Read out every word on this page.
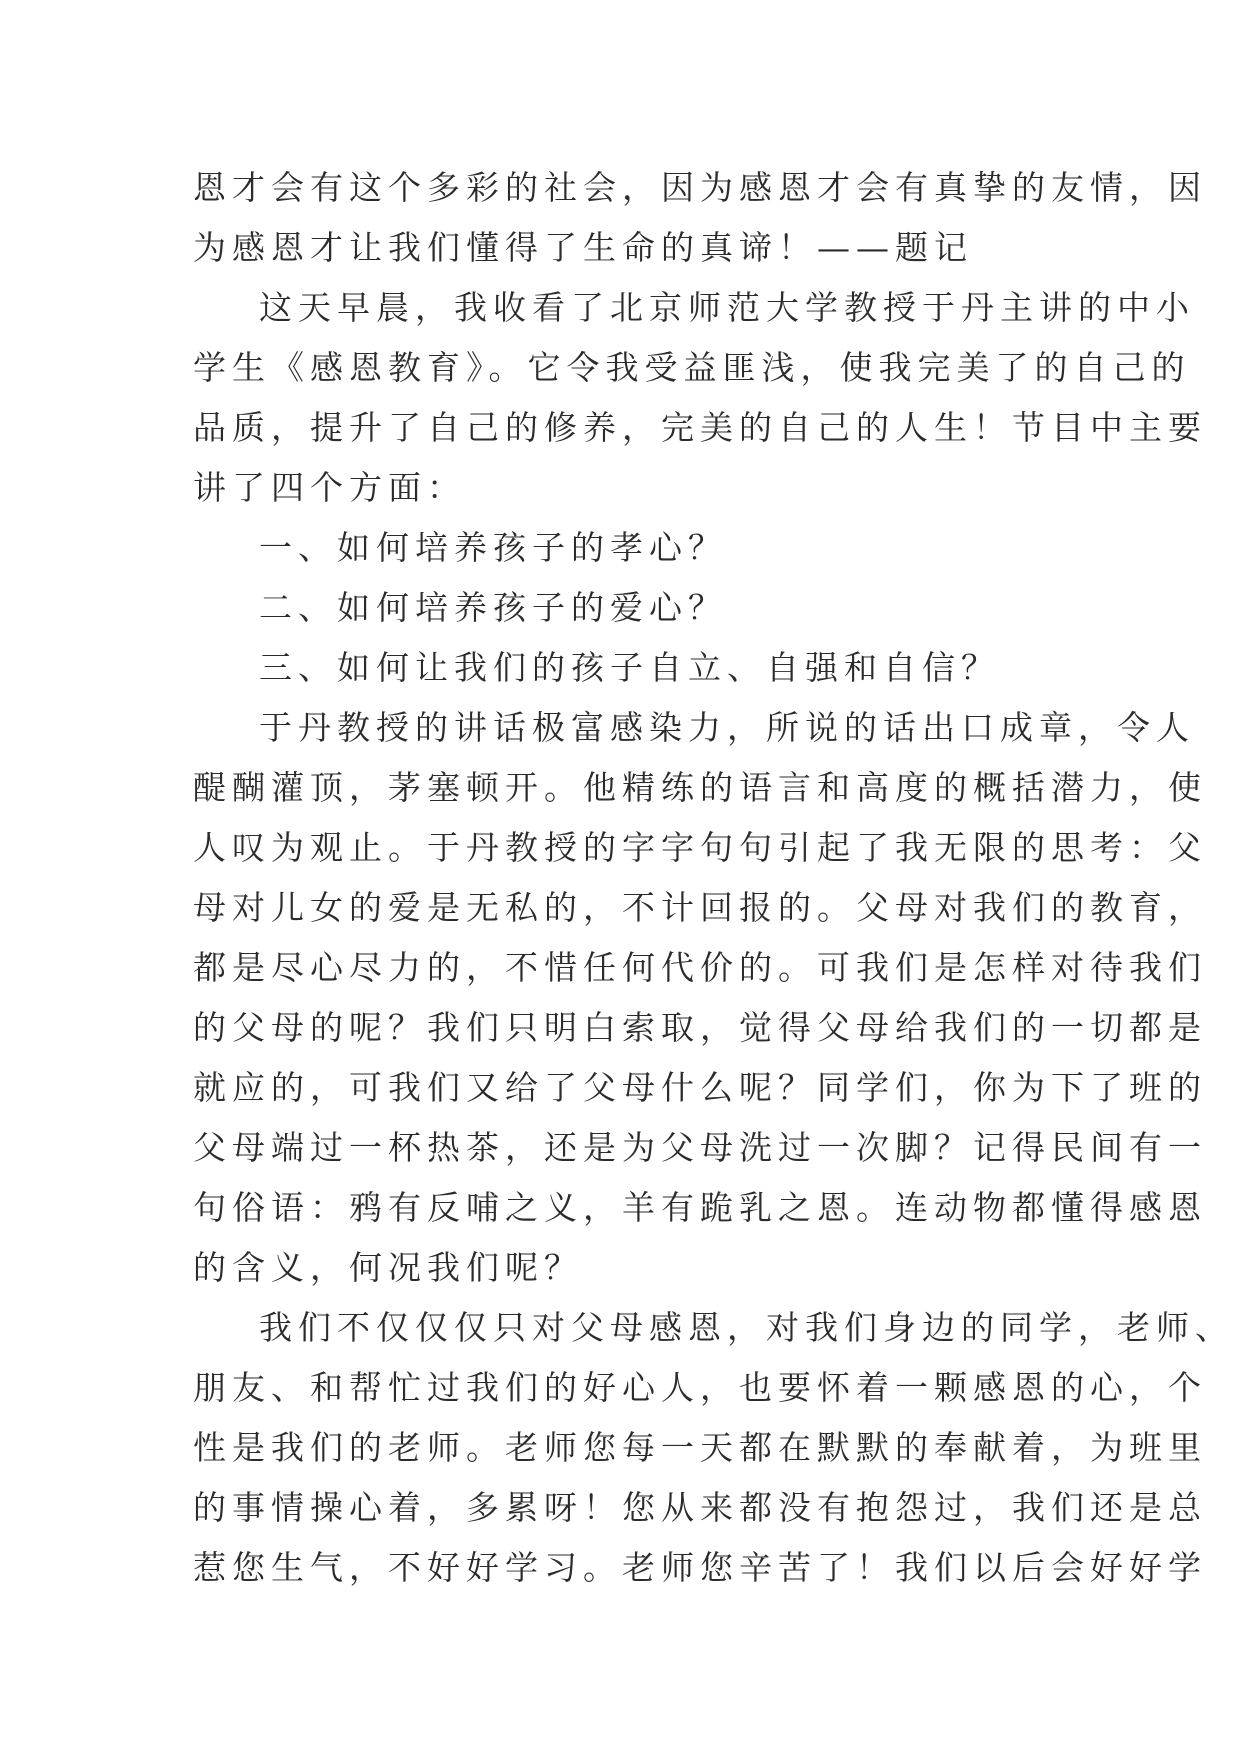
恩才会有这个多彩的社会，因为感恩才会有真挚的友情，因
为感恩才让我们懂得了生命的真谛！——题记
这天早晨，我收看了北京师范大学教授于丹主讲的中小
学生《感恩教育》。它令我受益匪浅，使我完美了的自己的
品质，提升了自己的修养，完美的自己的人生！节目中主要
讲了四个方面：
一、如何培养孩子的孝心？
二、如何培养孩子的爱心？
三、如何让我们的孩子自立、自强和自信？
于丹教授的讲话极富感染力，所说的话出口成章，令人
醍醐灌顶，茅塞顿开。他精练的语言和高度的概括潜力，使
人叹为观止。于丹教授的字字句句引起了我无限的思考：父
母对儿女的爱是无私的，不计回报的。父母对我们的教育，
都是尽心尽力的，不惜任何代价的。可我们是怎样对待我们
的父母的呢？我们只明白索取，觉得父母给我们的一切都是
就应的，可我们又给了父母什么呢？同学们，你为下了班的
父母端过一杯热茶，还是为父母洗过一次脚？记得民间有一
句俗语：鸦有反哺之义，羊有跪乳之恩。连动物都懂得感恩
的含义，何况我们呢？
我们不仅仅仅只对父母感恩，对我们身边的同学，老师、
朋友、和帮忙过我们的好心人，也要怀着一颗感恩的心，个
性是我们的老师。老师您每一天都在默默的奉献着，为班里
的事情操心着，多累呀！您从来都没有抱怨过，我们还是总
惹您生气，不好好学习。老师您辛苦了！我们以后会好好学
